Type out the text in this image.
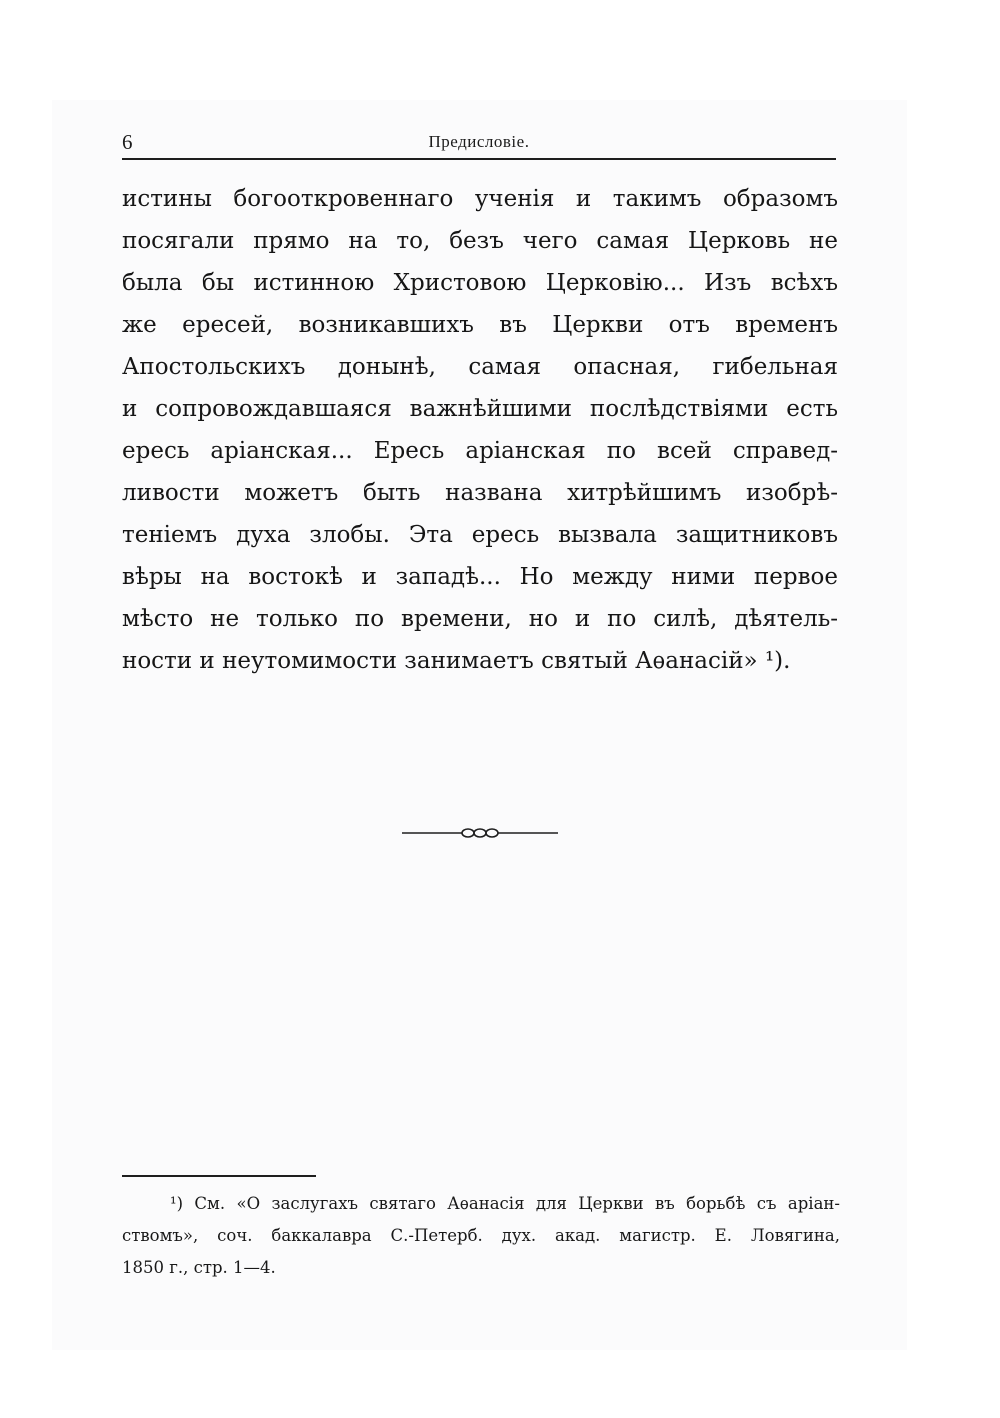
6	Предисловіе.
истины богооткровеннаго ученія и такимъ образомъ
посягали прямо на то, безъ чего самая Церковь не
была бы истинною Христовою Церковію... Изъ всѣхъ
же ересей, возникавшихъ въ Церкви отъ временъ
Апостольскихъ донынѣ, самая опасная, гибельная
и сопровождавшаяся важнѣйшими послѣдствіями есть
ересь аріанская... Ересь аріанская по всей справед-
ливости можетъ быть названа хитрѣйшимъ изобрѣ-
теніемъ духа злобы. Эта ересь вызвала защитниковъ
вѣры на востокѣ и западѣ... Но между ними первое
мѣсто не только по времени, но и по силѣ, дѣятель-
ности и неутомимости занимаетъ святый Аѳанасій» ¹).
¹) См. «О заслугахъ святаго Аѳанасія для Церкви въ борьбѣ съ аріан-
ствомъ», соч. баккалавра С.-Петерб. дух. акад. магистр. Е. Ловягина,
1850 г., стр. 1—4.
